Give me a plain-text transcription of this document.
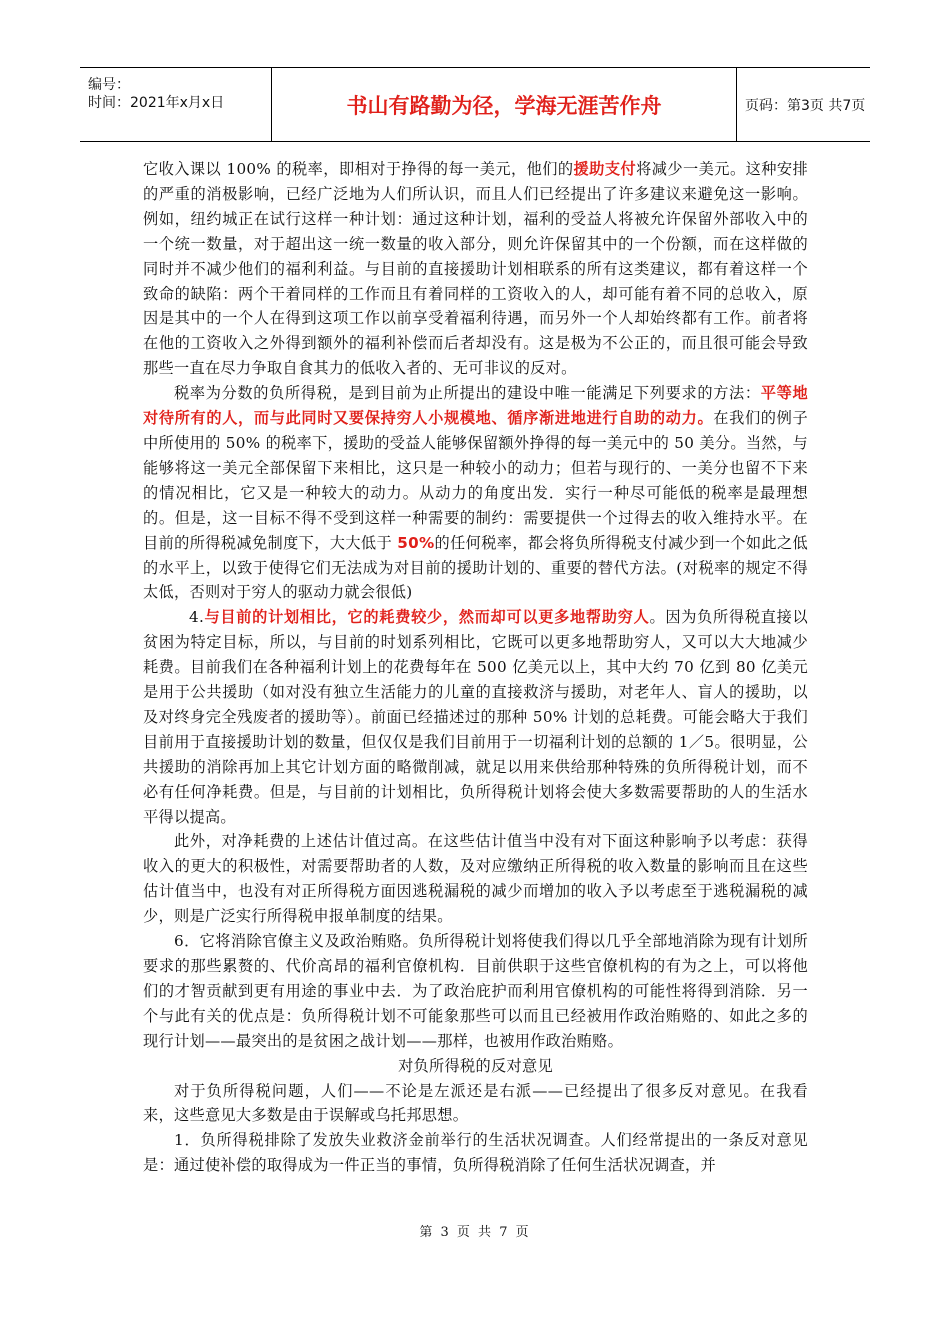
编号：
时间：2021年x月x日	书山有路勤为径，学海无涯苦作舟	页码：第3页 共7页

它收入课以 100% 的税率，即相对于挣得的每一美元，他们的援助支付将减少一美元。这种安排的严重的消极影响，已经广泛地为人们所认识，而且人们已经提出了许多建议来避免这一影响。例如，纽约城正在试行这样一种计划：通过这种计划，福利的受益人将被允许保留外部收入中的一个统一数量，对于超出这一统一数量的收入部分，则允许保留其中的一个份额，而在这样做的同时并不减少他们的福利利益。与目前的直接援助计划相联系的所有这类建议，都有着这样一个致命的缺陷：两个干着同样的工作而且有着同样的工资收入的人，却可能有着不同的总收入，原因是其中的一个人在得到这项工作以前享受着福利待遇，而另外一个人却始终都有工作。前者将在他的工资收入之外得到额外的福利补偿而后者却没有。这是极为不公正的，而且很可能会导致那些一直在尽力争取自食其力的低收入者的、无可非议的反对。

税率为分数的负所得税，是到目前为止所提出的建设中唯一能满足下列要求的方法：平等地对待所有的人，而与此同时又要保持穷人小规模地、循序渐进地进行自助的动力。在我们的例子中所使用的 50% 的税率下，援助的受益人能够保留额外挣得的每一美元中的 50 美分。当然，与能够将这一美元全部保留下来相比，这只是一种较小的动力；但若与现行的、一美分也留不下来的情况相比，它又是一种较大的动力。从动力的角度出发．实行一种尽可能低的税率是最理想的。但是，这一目标不得不受到这样一种需要的制约：需要提供一个过得去的收入维持水平。在目前的所得税减免制度下，大大低于 50%的任何税率，都会将负所得税支付减少到一个如此之低的水平上，以致于使得它们无法成为对目前的援助计划的、重要的替代方法。(对税率的规定不得太低，否则对于穷人的驱动力就会很低)

4.与目前的计划相比，它的耗费较少，然而却可以更多地帮助穷人。因为负所得税直接以贫困为特定目标，所以，与目前的时划系列相比，它既可以更多地帮助穷人，又可以大大地减少耗费。目前我们在各种福利计划上的花费每年在 500 亿美元以上，其中大约 70 亿到 80 亿美元是用于公共援助（如对没有独立生活能力的儿童的直接救济与援助，对老年人、盲人的援助，以及对终身完全残废者的援助等）。前面已经描述过的那种 50% 计划的总耗费。可能会略大于我们目前用于直接援助计划的数量，但仅仅是我们目前用于一切福利计划的总额的 1／5。很明显，公共援助的消除再加上其它计划方面的略微削减，就足以用来供给那种特殊的负所得税计划，而不必有任何净耗费。但是，与目前的计划相比，负所得税计划将会使大多数需要帮助的人的生活水平得以提高。

此外，对净耗费的上述估计值过高。在这些估计值当中没有对下面这种影响予以考虑：获得收入的更大的积极性，对需要帮助者的人数，及对应缴纳正所得税的收入数量的影响而且在这些估计值当中，也没有对正所得税方面因逃税漏税的减少而增加的收入予以考虑至于逃税漏税的减少，则是广泛实行所得税申报单制度的结果。

6．它将消除官僚主义及政治贿赂。负所得税计划将使我们得以几乎全部地消除为现有计划所要求的那些累赘的、代价高昂的福利官僚机构．目前供职于这些官僚机构的有为之上，可以将他们的才智贡献到更有用途的事业中去．为了政治庇护而利用官僚机构的可能性将得到消除．另一个与此有关的优点是：负所得税计划不可能象那些可以而且已经被用作政治贿赂的、如此之多的现行计划——最突出的是贫困之战计划——那样，也被用作政治贿赂。

对负所得税的反对意见

对于负所得税问题，人们——不论是左派还是右派——已经提出了很多反对意见。在我看来，这些意见大多数是由于误解或乌托邦思想。

1．负所得税排除了发放失业救济金前举行的生活状况调查。人们经常提出的一条反对意见是：通过使补偿的取得成为一件正当的事情，负所得税消除了任何生活状况调查，并

第 3 页 共 7 页
